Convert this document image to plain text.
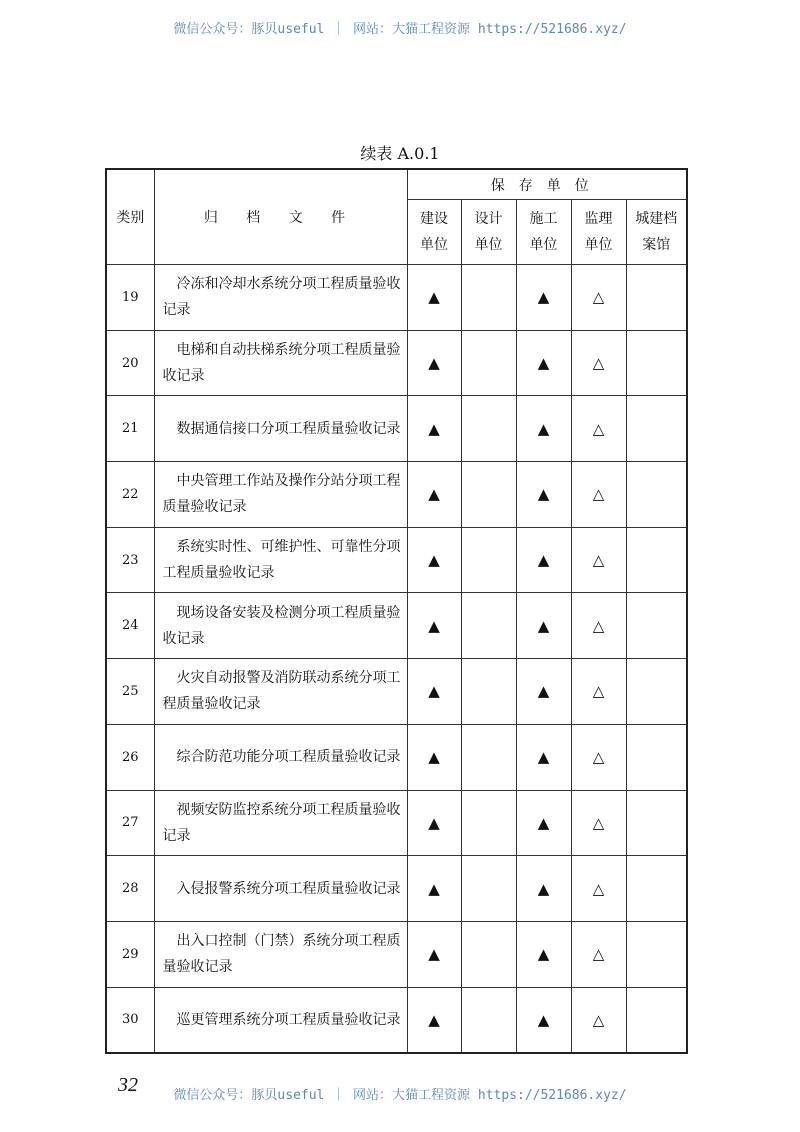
微信公众号：豚贝useful ｜ 网站：大猫工程资源 https://521686.xyz/
续表 A.0.1
类别	归 档 文 件	保存单位				
		建设单位	设计单位	施工单位	监理单位	城建档案馆
19	冷冻和冷却水系统分项工程质量验收记录	▲		▲	△	
20	电梯和自动扶梯系统分项工程质量验收记录	▲		▲	△	
21	数据通信接口分项工程质量验收记录	▲		▲	△	
22	中央管理工作站及操作分站分项工程质量验收记录	▲		▲	△	
23	系统实时性、可维护性、可靠性分项工程质量验收记录	▲		▲	△	
24	现场设备安装及检测分项工程质量验收记录	▲		▲	△	
25	火灾自动报警及消防联动系统分项工程质量验收记录	▲		▲	△	
26	综合防范功能分项工程质量验收记录	▲		▲	△	
27	视频安防监控系统分项工程质量验收记录	▲		▲	△	
28	入侵报警系统分项工程质量验收记录	▲		▲	△	
29	出入口控制（门禁）系统分项工程质量验收记录	▲		▲	△	
30	巡更管理系统分项工程质量验收记录	▲		▲	△	
32	微信公众号：豚贝useful ｜ 网站：大猫工程资源 https://521686.xyz/
